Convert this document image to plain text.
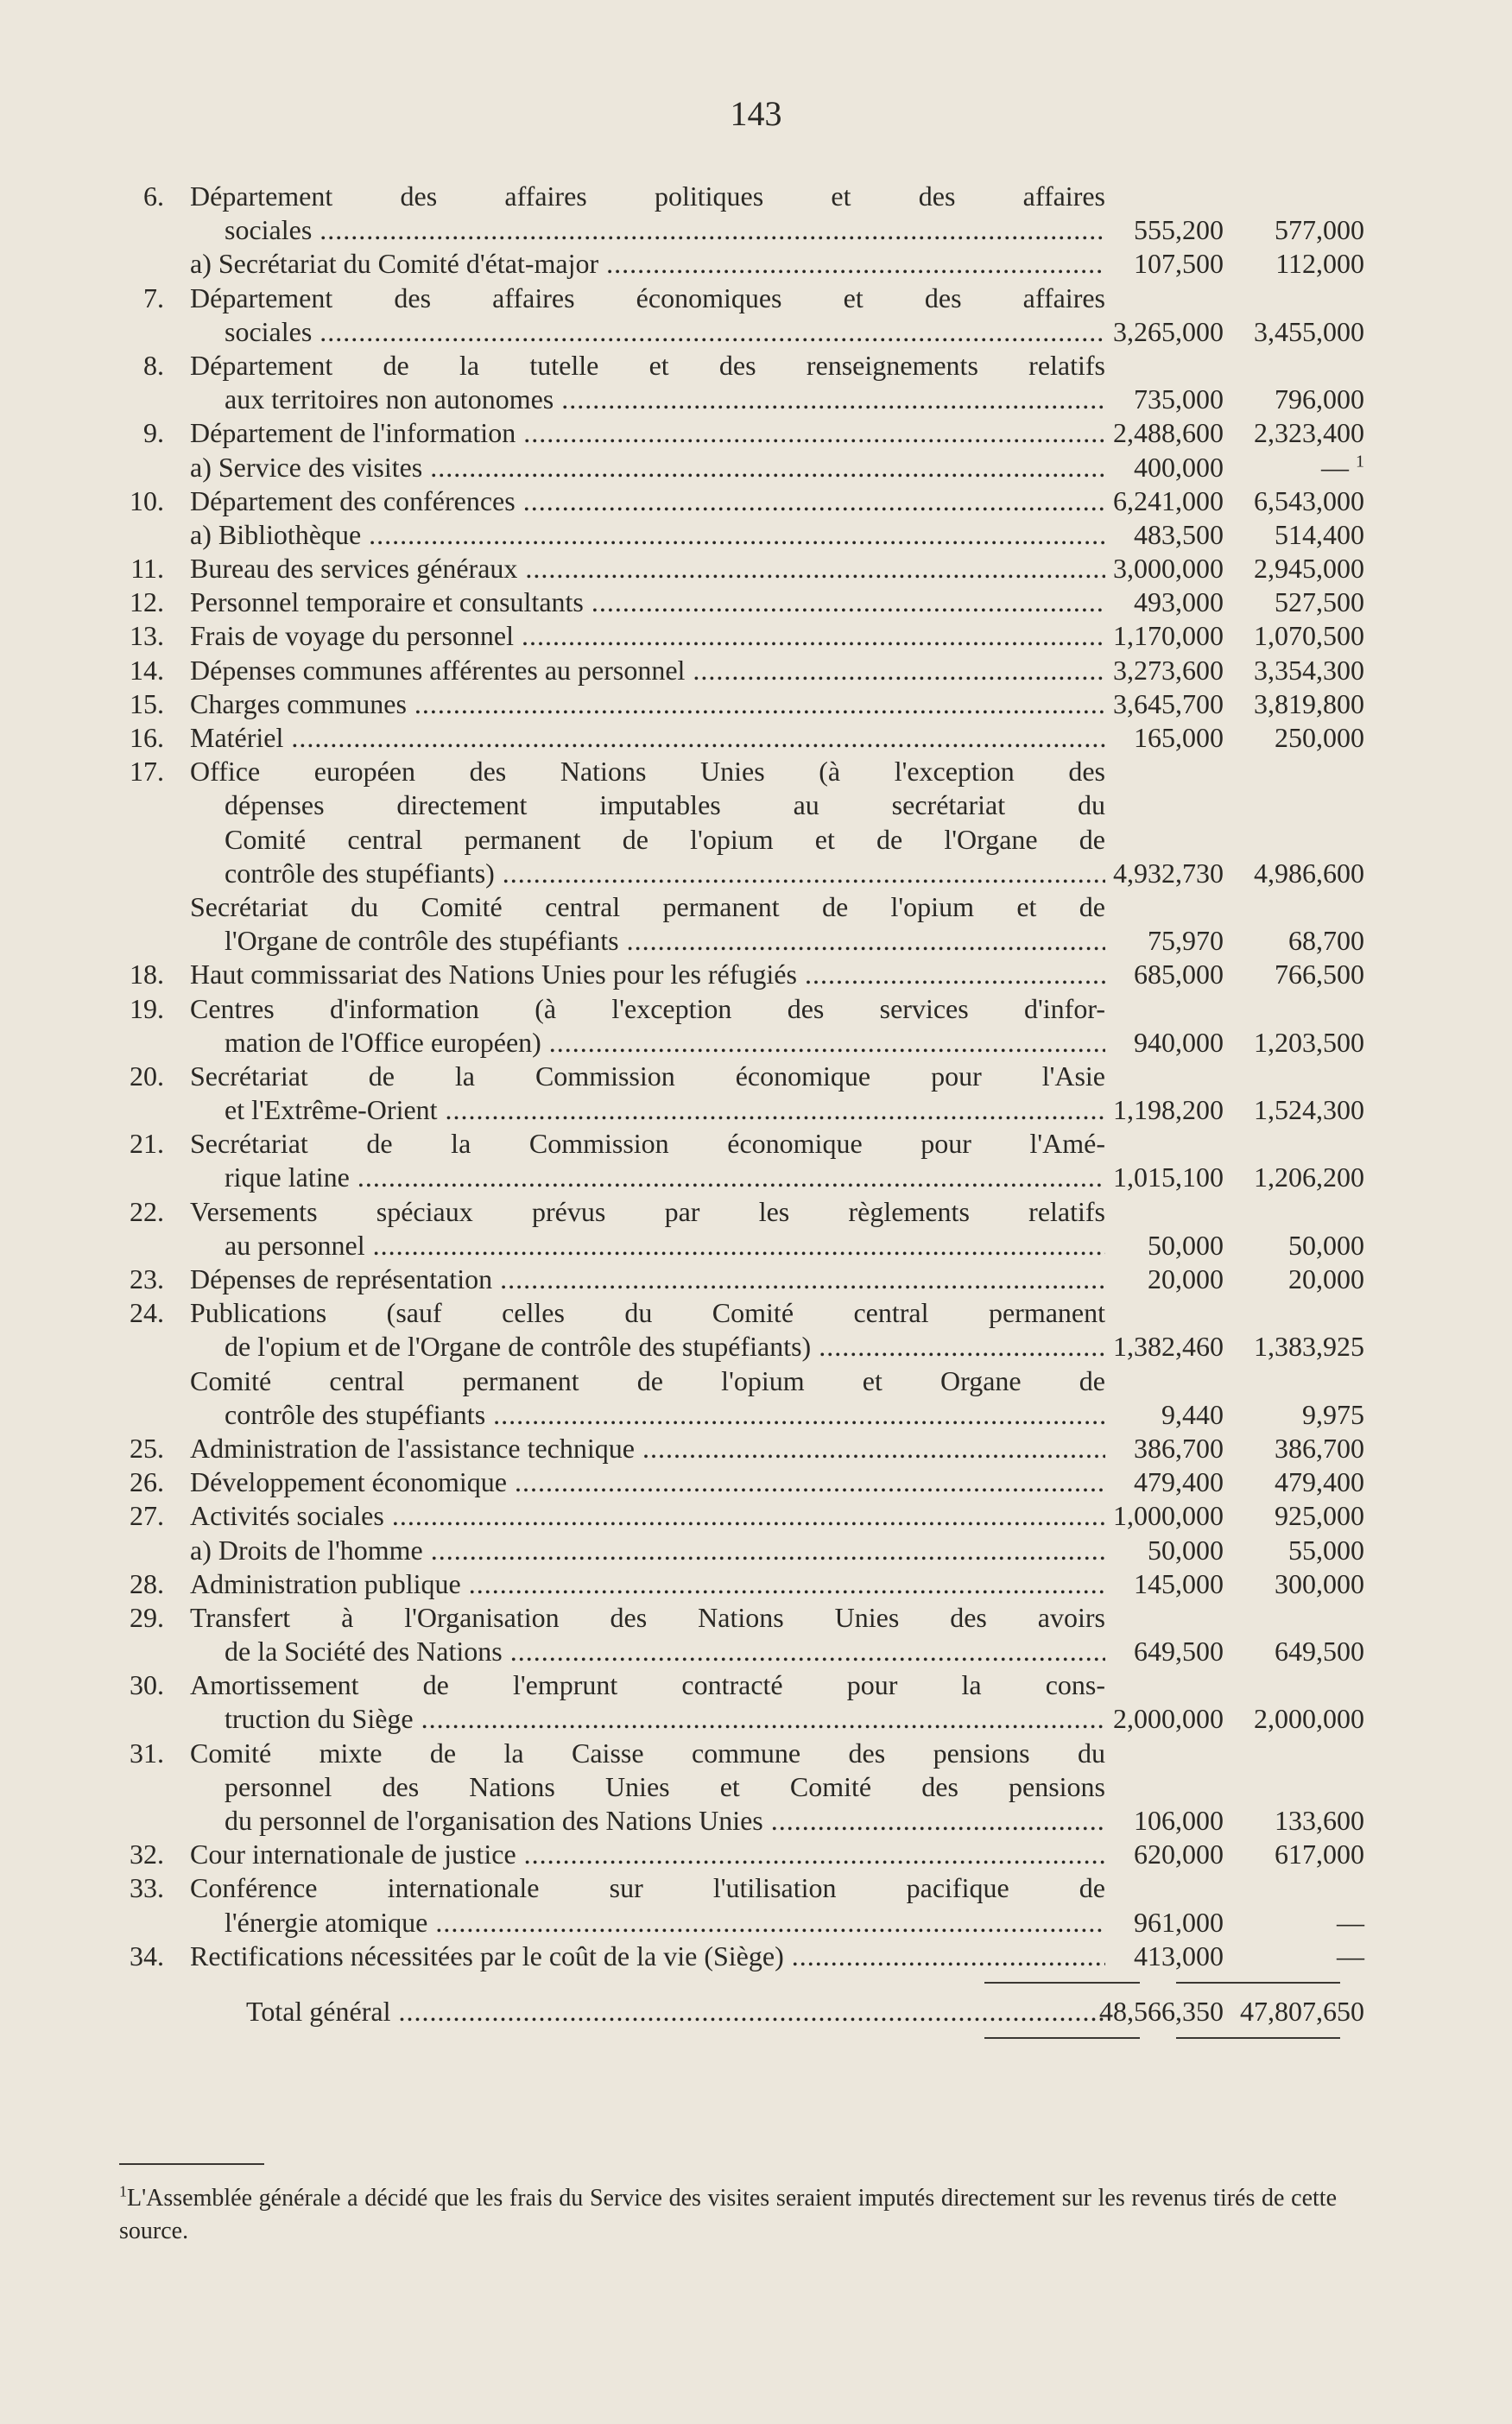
143
6. Département des affaires politiques et des affaires
sociales .....	555,200 577,000
a) Secrétariat du Comité d'état-major .....	107,500 112,000
7. Département des affaires économiques et des affaires
sociales .....	3,265,000 3,455,000
8. Département de la tutelle et des renseignements relatifs
aux territoires non autonomes .....	735,000 796,000
9. Département de l'information .....	2,488,600 2,323,400
a) Service des visites .....	400,000	— $^1$
10. Département des conférences .....	6,241,000 6,543,000
a) Bibliothèque .....	483,500 514,400
11. Bureau des services généraux .....	3,000,000 2,945,000
12. Personnel temporaire et consultants .....	493,000 527,500
13. Frais de voyage du personnel .....	1,170,000 1,070,500
14. Dépenses communes afférentes au personnel .....	3,273,600 3,354,300
15. Charges communes .....	3,645,700 3,819,800
16. Matériel .....	165,000 250,000
17. Office européen des Nations Unies (à l'exception des
dépenses directement imputables au secrétariat du
Comité central permanent de l'opium et de l'Organe de
contrôle des stupéfiants) .....	4,932,730 4,986,600
Secrétariat du Comité central permanent de l'opium et de
l'Organe de contrôle des stupéfiants .....	75,970 68,700
18. Haut commissariat des Nations Unies pour les réfugiés .....	685,000 766,500
19. Centres d'information (à l'exception des services d'infor-
mation de l'Office européen) .....	940,000 1,203,500
20. Secrétariat de la Commission économique pour l'Asie
et l'Extrême-Orient .....	1,198,200 1,524,300
21. Secrétariat de la Commission économique pour l'Amé-
rique latine .....	1,015,100 1,206,200
22. Versements spéciaux prévus par les règlements relatifs
au personnel .....	50,000 50,000
23. Dépenses de représentation .....	20,000 20,000
24. Publications (sauf celles du Comité central permanent
de l'opium et de l'Organe de contrôle des stupéfiants) .....	1,382,460 1,383,925
Comité central permanent de l'opium et Organe de
contrôle des stupéfiants .....	9,440	9,975
25. Administration de l'assistance technique .....	386,700 386,700
26. Développement économique .....	479,400 479,400
27. Activités sociales .....	1,000,000 925,000
a) Droits de l'homme .....	50,000 55,000
28. Administration publique .....	145,000 300,000
29. Transfert à l'Organisation des Nations Unies des avoirs
de la Société des Nations .....	649,500 649,500
30. Amortissement de l'emprunt contracté pour la cons-
truction du Siège .....	2,000,000 2,000,000
31. Comité mixte de la Caisse commune des pensions du
personnel des Nations Unies et Comité des pensions
du personnel de l'organisation des Nations Unies .....	106,000 133,600
32. Cour internationale de justice .....	620,000 617,000
33. Conférence internationale sur l'utilisation pacifique de
l'énergie atomique .....	961,000	—
34. Rectifications nécessitées par le coût de la vie (Siège) .....	413,000	—
Total général .....	48,566,350 47,807,650
$^1$L'Assemblée générale a décidé que les frais du Service des visites seraient imputés directement sur les revenus tirés de cette source.
